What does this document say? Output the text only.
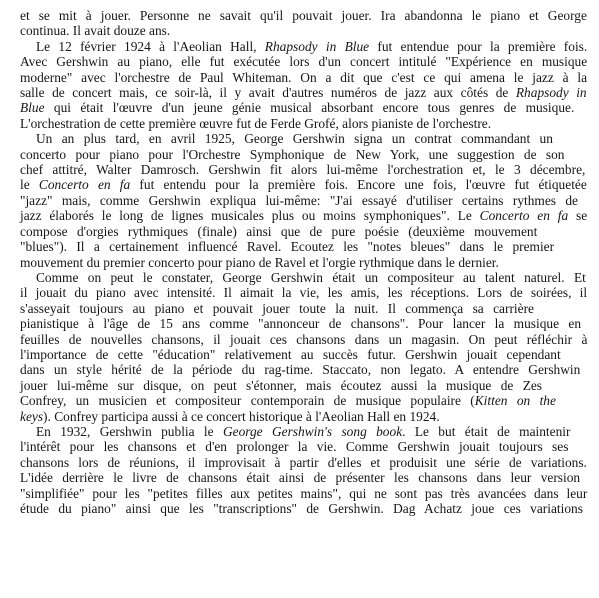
et se mit à jouer. Personne ne savait qu'il pouvait jouer. Ira abandonna le piano et George
continua. Il avait douze ans.

Le 12 février 1924 à l'Aeolian Hall, Rhapsody in Blue fut entendue pour la première fois.
Avec Gershwin au piano, elle fut exécutée lors d'un concert intitulé "Expérience en musique
moderne" avec l'orchestre de Paul Whiteman. On a dit que c'est ce qui amena le jazz à la
salle de concert mais, ce soir-là, il y avait d'autres numéros de jazz aux côtés de Rhapsody in
Blue qui était l'œuvre d'un jeune génie musical absorbant encore tous genres de musique.
L'orchestration de cette première œuvre fut de Ferde Grofé, alors pianiste de l'orchestre.

Un an plus tard, en avril 1925, George Gershwin signa un contrat commandant un
concerto pour piano pour l'Orchestre Symphonique de New York, une suggestion de son
chef attitré, Walter Damrosch. Gershwin fit alors lui-même l'orchestration et, le 3 décembre,
le Concerto en fa fut entendu pour la première fois. Encore une fois, l'œuvre fut étiquetée
"jazz" mais, comme Gershwin expliqua lui-même: "J'ai essayé d'utiliser certains rythmes de
jazz élaborés le long de lignes musicales plus ou moins symphoniques". Le Concerto en fa se
compose d'orgies rythmiques (finale) ainsi que de pure poésie (deuxième mouvement
"blues"). Il a certainement influencé Ravel. Ecoutez les "notes bleues" dans le premier
mouvement du premier concerto pour piano de Ravel et l'orgie rythmique dans le dernier.

Comme on peut le constater, George Gershwin était un compositeur au talent naturel. Et
il jouait du piano avec intensité. Il aimait la vie, les amis, les réceptions. Lors de soirées, il
s'asseyait toujours au piano et pouvait jouer toute la nuit. Il commença sa carrière
pianistique à l'âge de 15 ans comme "annonceur de chansons". Pour lancer la musique en
feuilles de nouvelles chansons, il jouait ces chansons dans un magasin. On peut réfléchir à
l'importance de cette "éducation" relativement au succès futur. Gershwin jouait cependant
dans un style hérité de la période du rag-time. Staccato, non legato. A entendre Gershwin
jouer lui-même sur disque, on peut s'étonner, mais écoutez aussi la musique de Zes
Confrey, un musicien et compositeur contemporain de musique populaire (Kitten on the
keys). Confrey participa aussi à ce concert historique à l'Aeolian Hall en 1924.

En 1932, Gershwin publia le George Gershwin's song book. Le but était de maintenir
l'intérêt pour les chansons et d'en prolonger la vie. Comme Gershwin jouait toujours ses
chansons lors de réunions, il improvisait à partir d'elles et produisit une série de variations.
L'idée derrière le livre de chansons était ainsi de présenter les chansons dans leur version
"simplifiée" pour les "petites filles aux petites mains", qui ne sont pas très avancées dans leur
étude du piano" ainsi que les "transcriptions" de Gershwin. Dag Achatz joue ces variations
